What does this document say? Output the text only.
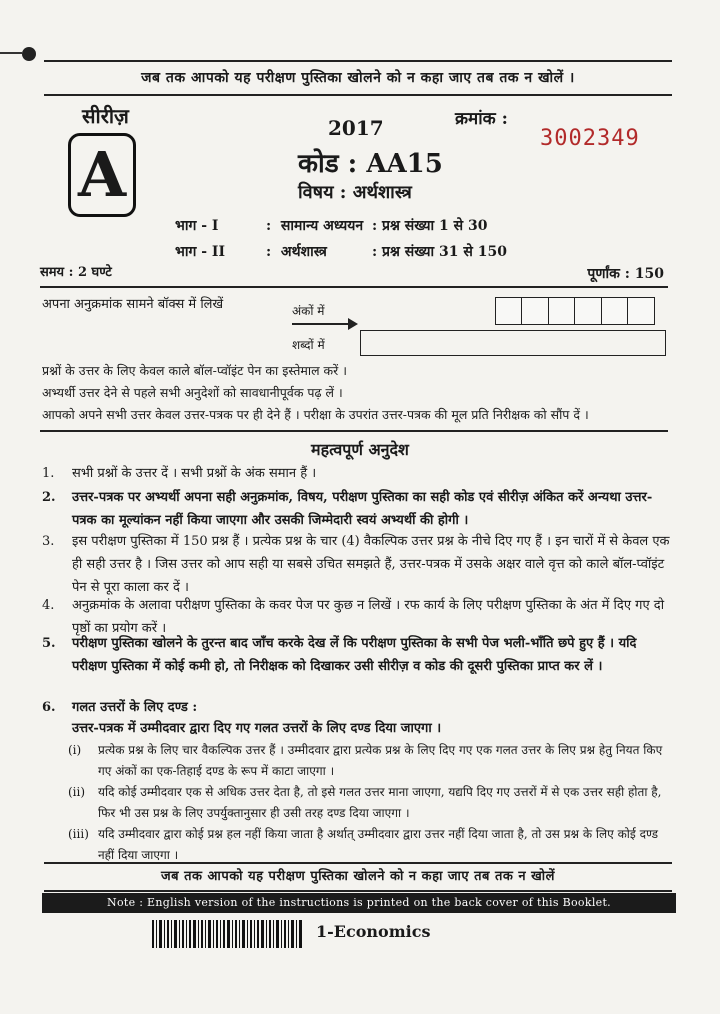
जब तक आपको यह परीक्षण पुस्तिका खोलने को न कहा जाए तब तक न खोलें ।
सीरीज़
A
2017
कोड : AA15
विषय : अर्थशास्त्र
क्रमांक :
3002349
भाग - I	: सामान्य अध्ययन : प्रश्न संख्या 1 से 30
भाग - II	: अर्थशास्त्र	: प्रश्न संख्या 31 से 150
समय : 2 घण्टे	पूर्णांक : 150
अपना अनुक्रमांक सामने बॉक्स में लिखें	अंकों में
शब्दों में
प्रश्नों के उत्तर के लिए केवल काले बॉल-प्वॉइंट पेन का इस्तेमाल करें ।
अभ्यर्थी उत्तर देने से पहले सभी अनुदेशों को सावधानीपूर्वक पढ़ लें ।
आपको अपने सभी उत्तर केवल उत्तर-पत्रक पर ही देने हैं । परीक्षा के उपरांत उत्तर-पत्रक की मूल प्रति निरीक्षक को सौंप दें ।
महत्वपूर्ण अनुदेश
1. सभी प्रश्नों के उत्तर दें । सभी प्रश्नों के अंक समान हैं ।
2. उत्तर-पत्रक पर अभ्यर्थी अपना सही अनुक्रमांक, विषय, परीक्षण पुस्तिका का सही कोड एवं सीरीज़ अंकित करें अन्यथा उत्तर-पत्रक का मूल्यांकन नहीं किया जाएगा और उसकी जिम्मेदारी स्वयं अभ्यर्थी की होगी ।
3. इस परीक्षण पुस्तिका में 150 प्रश्न हैं । प्रत्येक प्रश्न के चार (4) वैकल्पिक उत्तर प्रश्न के नीचे दिए गए हैं । इन चारों में से केवल एक ही सही उत्तर है । जिस उत्तर को आप सही या सबसे उचित समझते हैं, उत्तर-पत्रक में उसके अक्षर वाले वृत्त को काले बॉल-प्वॉइंट पेन से पूरा काला कर दें ।
4. अनुक्रमांक के अलावा परीक्षण पुस्तिका के कवर पेज पर कुछ न लिखें । रफ कार्य के लिए परीक्षण पुस्तिका के अंत में दिए गए दो पृष्ठों का प्रयोग करें ।
5. परीक्षण पुस्तिका खोलने के तुरन्त बाद जाँच करके देख लें कि परीक्षण पुस्तिका के सभी पेज भली-भाँति छपे हुए हैं । यदि परीक्षण पुस्तिका में कोई कमी हो, तो निरीक्षक को दिखाकर उसी सीरीज़ व कोड की दूसरी पुस्तिका प्राप्त कर लें ।
6. गलत उत्तरों के लिए दण्ड :
उत्तर-पत्रक में उम्मीदवार द्वारा दिए गए गलत उत्तरों के लिए दण्ड दिया जाएगा ।
(i) प्रत्येक प्रश्न के लिए चार वैकल्पिक उत्तर हैं । उम्मीदवार द्वारा प्रत्येक प्रश्न के लिए दिए गए एक गलत उत्तर के लिए प्रश्न हेतु नियत किए गए अंकों का एक-तिहाई दण्ड के रूप में काटा जाएगा ।
(ii) यदि कोई उम्मीदवार एक से अधिक उत्तर देता है, तो इसे गलत उत्तर माना जाएगा, यद्यपि दिए गए उत्तरों में से एक उत्तर सही होता है, फिर भी उस प्रश्न के लिए उपर्युक्तानुसार ही उसी तरह दण्ड दिया जाएगा ।
(iii) यदि उम्मीदवार द्वारा कोई प्रश्न हल नहीं किया जाता है अर्थात् उम्मीदवार द्वारा उत्तर नहीं दिया जाता है, तो उस प्रश्न के लिए कोई दण्ड नहीं दिया जाएगा ।
जब तक आपको यह परीक्षण पुस्तिका खोलने को न कहा जाए तब तक न खोलें
Note : English version of the instructions is printed on the back cover of this Booklet.
1-Economics
